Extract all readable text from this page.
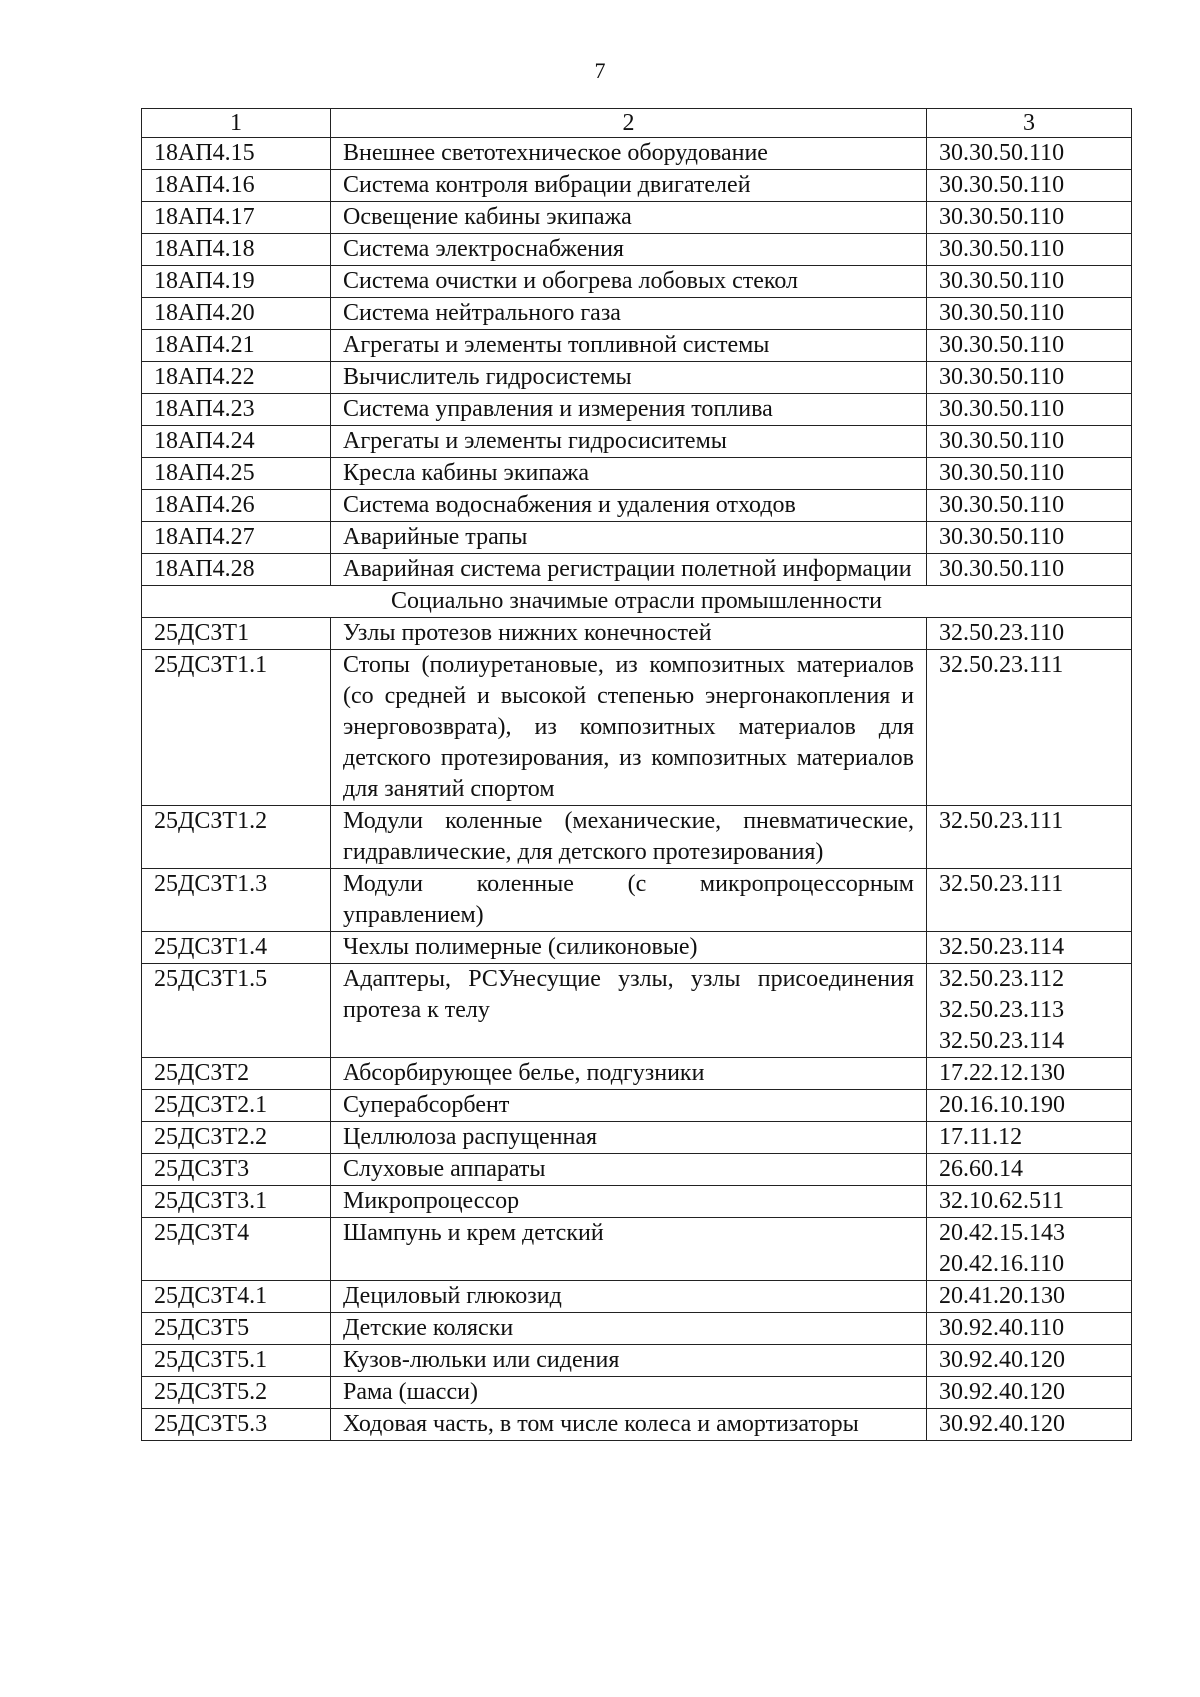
7
1	2	3
18АП4.15	Внешнее светотехническое оборудование	30.30.50.110

18АП4.16	Система контроля вибрации двигателей	30.30.50.110

18АП4.17	Освещение кабины экипажа	30.30.50.110

18АП4.18	Система электроснабжения	30.30.50.110

18АП4.19	Система очистки и обогрева лобовых стекол	30.30.50.110

18АП4.20	Система нейтрального газа	30.30.50.110

18АП4.21	Агрегаты и элементы топливной системы	30.30.50.110

18АП4.22	Вычислитель гидросистемы	30.30.50.110

18АП4.23	Система управления и измерения топлива	30.30.50.110

18АП4.24	Агрегаты и элементы гидросиситемы	30.30.50.110

18АП4.25	Кресла кабины экипажа	30.30.50.110

18АП4.26	Система водоснабжения и удаления отходов	30.30.50.110

18АП4.27	Аварийные трапы	30.30.50.110

18АП4.28	Аварийная система регистрации полетной информации	30.30.50.110

Социально значимые отрасли промышленности		
25ДСЗТ1	Узлы протезов нижних конечностей	32.50.23.110

25ДСЗТ1.1	Стопы (полиуретановые, из композитных материалов (со средней и высокой степенью энергонакопления и энерговозврата), из композитных материалов для детского протезирования, из композитных материалов для занятий спортом	32.50.23.111

25ДСЗТ1.2	Модули коленные (механические, пневматические, гидравлические, для детского протезирования)	32.50.23.111

25ДСЗТ1.3	Модули коленные (с микропроцессорным управлением)	32.50.23.111

25ДСЗТ1.4	Чехлы полимерные (силиконовые)	32.50.23.114

25ДСЗТ1.5	Адаптеры, РСУнесущие узлы, узлы присоединения протеза к телу	32.50.23.112
32.50.23.113
32.50.23.114

25ДСЗТ2	Абсорбирующее белье, подгузники	17.22.12.130

25ДСЗТ2.1	Суперабсорбент	20.16.10.190

25ДСЗТ2.2	Целлюлоза распущенная	17.11.12

25ДСЗТ3	Слуховые аппараты	26.60.14

25ДСЗТ3.1	Микропроцессор	32.10.62.511

25ДСЗТ4	Шампунь и крем детский	20.42.15.143
20.42.16.110

25ДСЗТ4.1	Дециловый глюкозид	20.41.20.130

25ДСЗТ5	Детские коляски	30.92.40.110

25ДСЗТ5.1	Кузов-люльки или сидения	30.92.40.120

25ДСЗТ5.2	Рама (шасси)	30.92.40.120

25ДСЗТ5.3	Ходовая часть, в том числе колеса и амортизаторы	30.92.40.120
